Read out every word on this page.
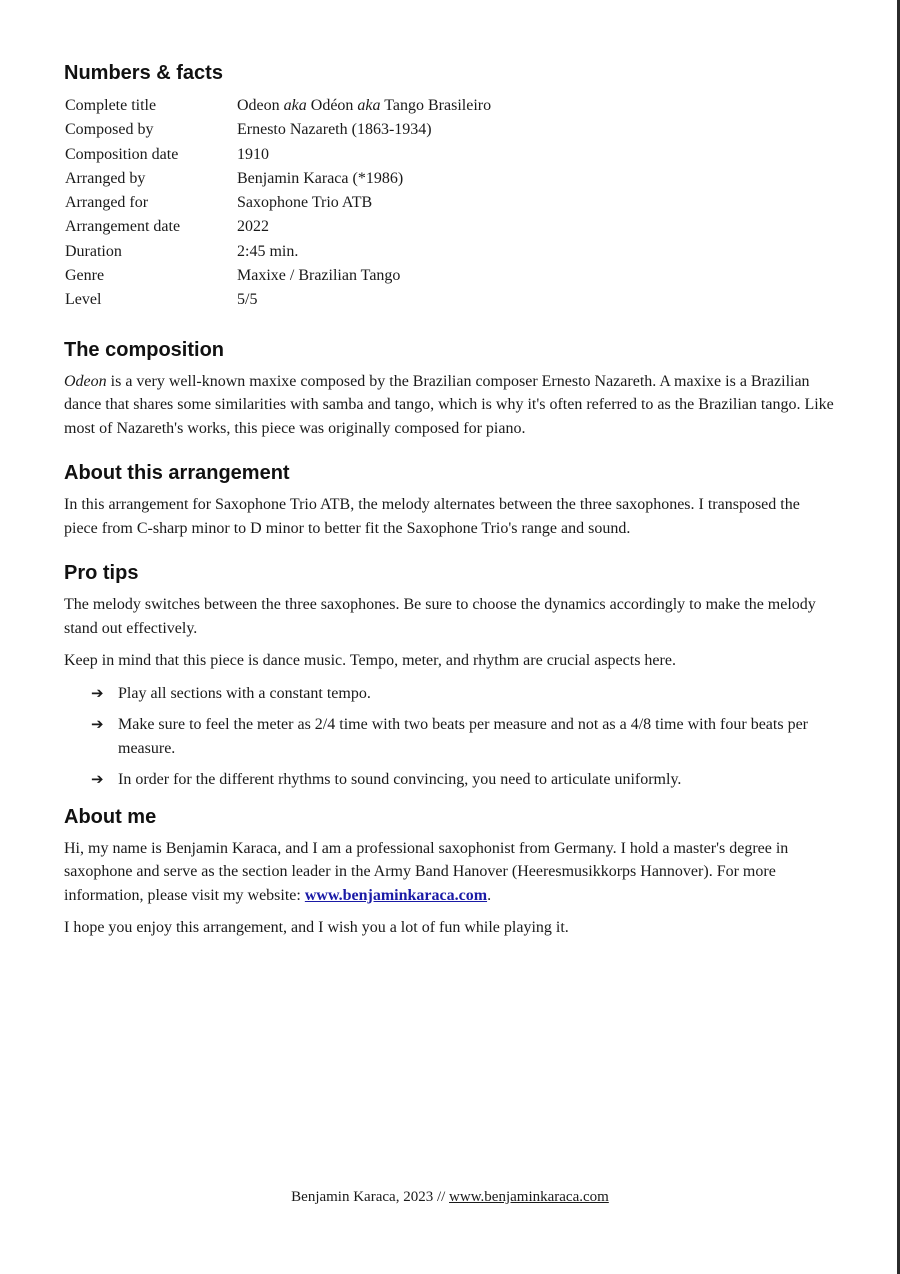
Numbers & facts
Complete title	Odeon aka Odéon aka Tango Brasileiro
Composed by	Ernesto Nazareth (1863-1934)
Composition date	1910
Arranged by	Benjamin Karaca (*1986)
Arranged for	Saxophone Trio ATB
Arrangement date	2022
Duration	2:45 min.
Genre	Maxixe / Brazilian Tango
Level	5/5
The composition

Odeon is a very well-known maxixe composed by the Brazilian composer Ernesto Nazareth. A maxixe is a Brazilian dance that shares some similarities with samba and tango, which is why it's often referred to as the Brazilian tango. Like most of Nazareth's works, this piece was originally composed for piano.

About this arrangement

In this arrangement for Saxophone Trio ATB, the melody alternates between the three saxophones. I transposed the piece from C-sharp minor to D minor to better fit the Saxophone Trio's range and sound.

Pro tips

The melody switches between the three saxophones. Be sure to choose the dynamics accordingly to make the melody stand out effectively.

Keep in mind that this piece is dance music. Tempo, meter, and rhythm are crucial aspects here.

➔ Play all sections with a constant tempo.
➔ Make sure to feel the meter as 2/4 time with two beats per measure and not as a 4/8 time with four beats per measure.
➔ In order for the different rhythms to sound convincing, you need to articulate uniformly.
About me

Hi, my name is Benjamin Karaca, and I am a professional saxophonist from Germany. I hold a master's degree in saxophone and serve as the section leader in the Army Band Hanover (Heeresmusikkorps Hannover). For more information, please visit my website: www.benjaminkaraca.com.

I hope you enjoy this arrangement, and I wish you a lot of fun while playing it.

Benjamin Karaca, 2023 // www.benjaminkaraca.com
